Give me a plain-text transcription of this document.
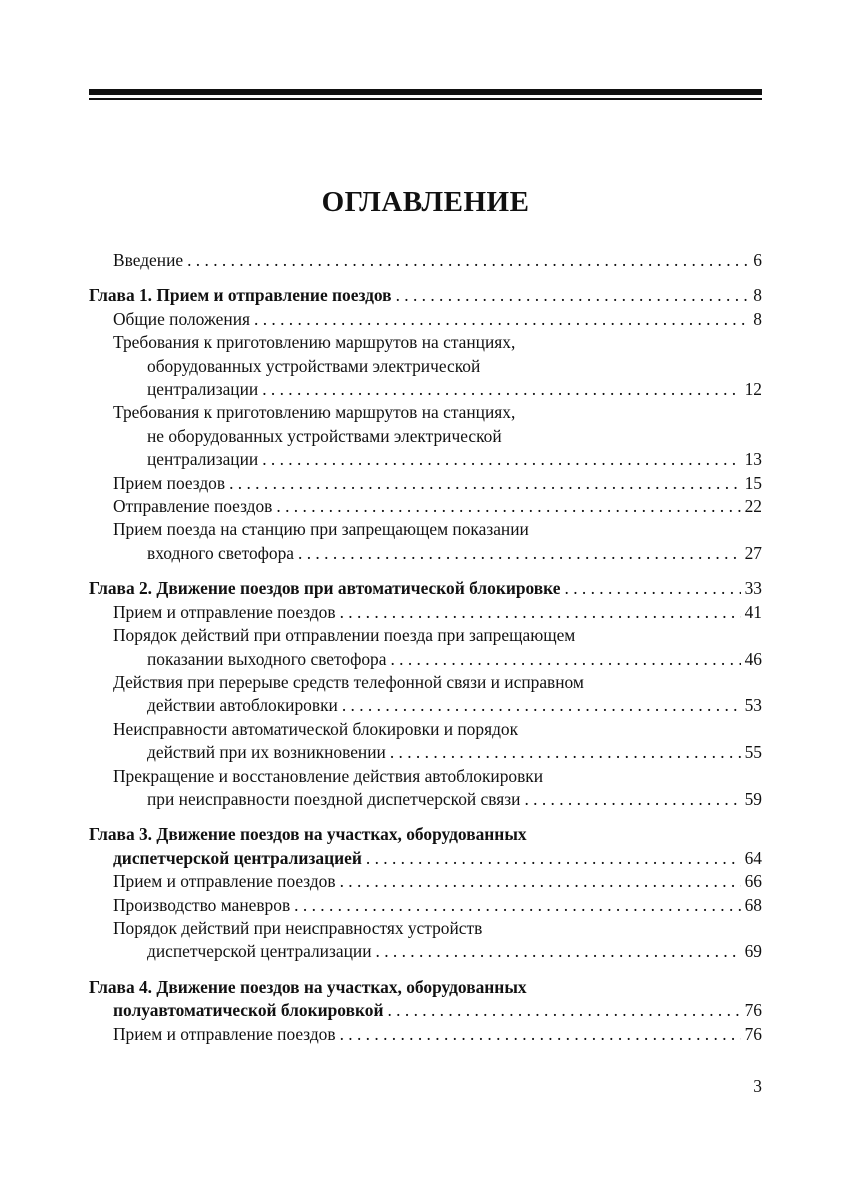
ОГЛАВЛЕНИЕ
Введение . . .	6
Глава 1. Прием и отправление поездов . . .	8
Общие положения . . .	8
Требования к приготовлению маршрутов на станциях,
оборудованных устройствами электрической
централизации . . .	12
Требования к приготовлению маршрутов на станциях,
не оборудованных устройствами электрической
централизации . . .	13
Прием поездов . . .	15
Отправление поездов . . .	22
Прием поезда на станцию при запрещающем показании
входного светофора . . .	27
Глава 2. Движение поездов при автоматической блокировке . . .	33
Прием и отправление поездов . . .	41
Порядок действий при отправлении поезда при запрещающем
показании выходного светофора . . .	46
Действия при перерыве средств телефонной связи и исправном
действии автоблокировки . . .	53
Неисправности автоматической блокировки и порядок
действий при их возникновении . . .	55
Прекращение и восстановление действия автоблокировки
при неисправности поездной диспетчерской связи . . .	59
Глава 3. Движение поездов на участках, оборудованных
диспетчерской централизацией . . .	64
Прием и отправление поездов . . .	66
Производство маневров . . .	68
Порядок действий при неисправностях устройств
диспетчерской централизации . . .	69
Глава 4. Движение поездов на участках, оборудованных
полуавтоматической блокировкой . . .	76
Прием и отправление поездов . . .	76
3
